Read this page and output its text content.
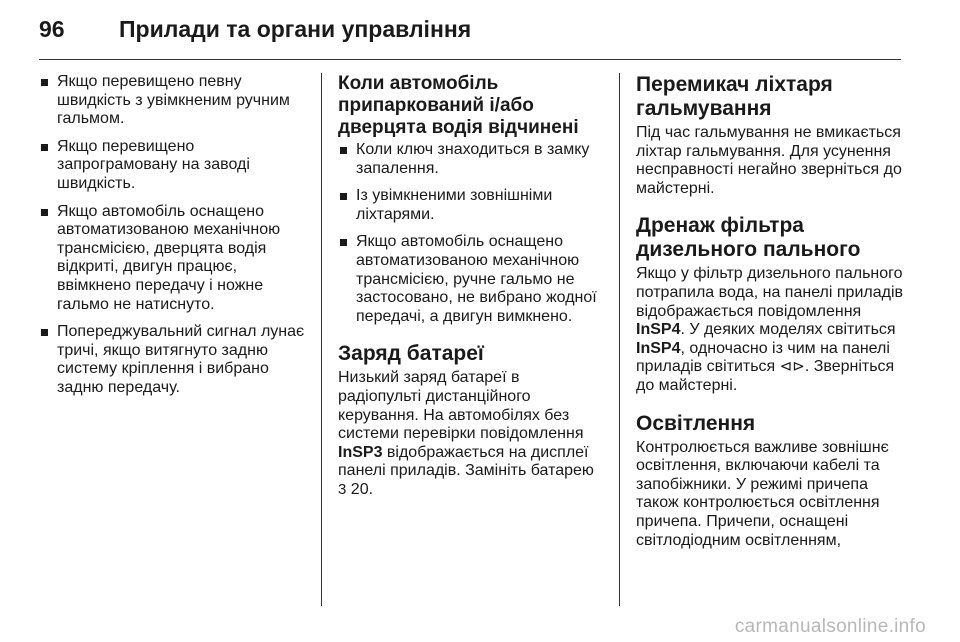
96 Прилади та органи управління
Якщо перевищено певну швидкість з увімкненим ручним гальмом.
Якщо перевищено запрограмовану на заводі швидкість.
Якщо автомобіль оснащено автоматизованою механічною трансмісією, дверцята водія відкриті, двигун працює, ввімкнено передачу і ножне гальмо не натиснуто.
Попереджувальний сигнал лунає тричі, якщо витягнуто задню систему кріплення і вибрано задню передачу.
Коли автомобіль припаркований і/або дверцята водія відчинені
Коли ключ знаходиться в замку запалення.
Із увімкненими зовнішніми ліхтарями.
Якщо автомобіль оснащено автоматизованою механічною трансмісією, ручне гальмо не застосовано, не вибрано жодної передачі, а двигун вимкнено.
Заряд батареї

Низький заряд батареї в радіопульті дистанційного керування. На автомобілях без системи перевірки повідомлення InSP3 відображається на дисплеї панелі приладів. Замініть батарею 3 20.

Перемикач ліхтаря гальмування

Під час гальмування не вмикається ліхтар гальмування. Для усунення несправності негайно зверніться до майстерні.

Дренаж фільтра дизельного пального

Якщо у фільтр дизельного пального потрапила вода, на панелі приладів відображається повідомлення InSP4. У деяких моделях світиться InSP4, одночасно із чим на панелі приладів світиться ⊲⊳. Зверніться до майстерні.

Освітлення

Контролюється важливе зовнішнє освітлення, включаючи кабелі та запобіжники. У режимі причепа також контролюється освітлення причепа. Причепи, оснащені світлодіодним освітленням,

carmanualsonline.info
